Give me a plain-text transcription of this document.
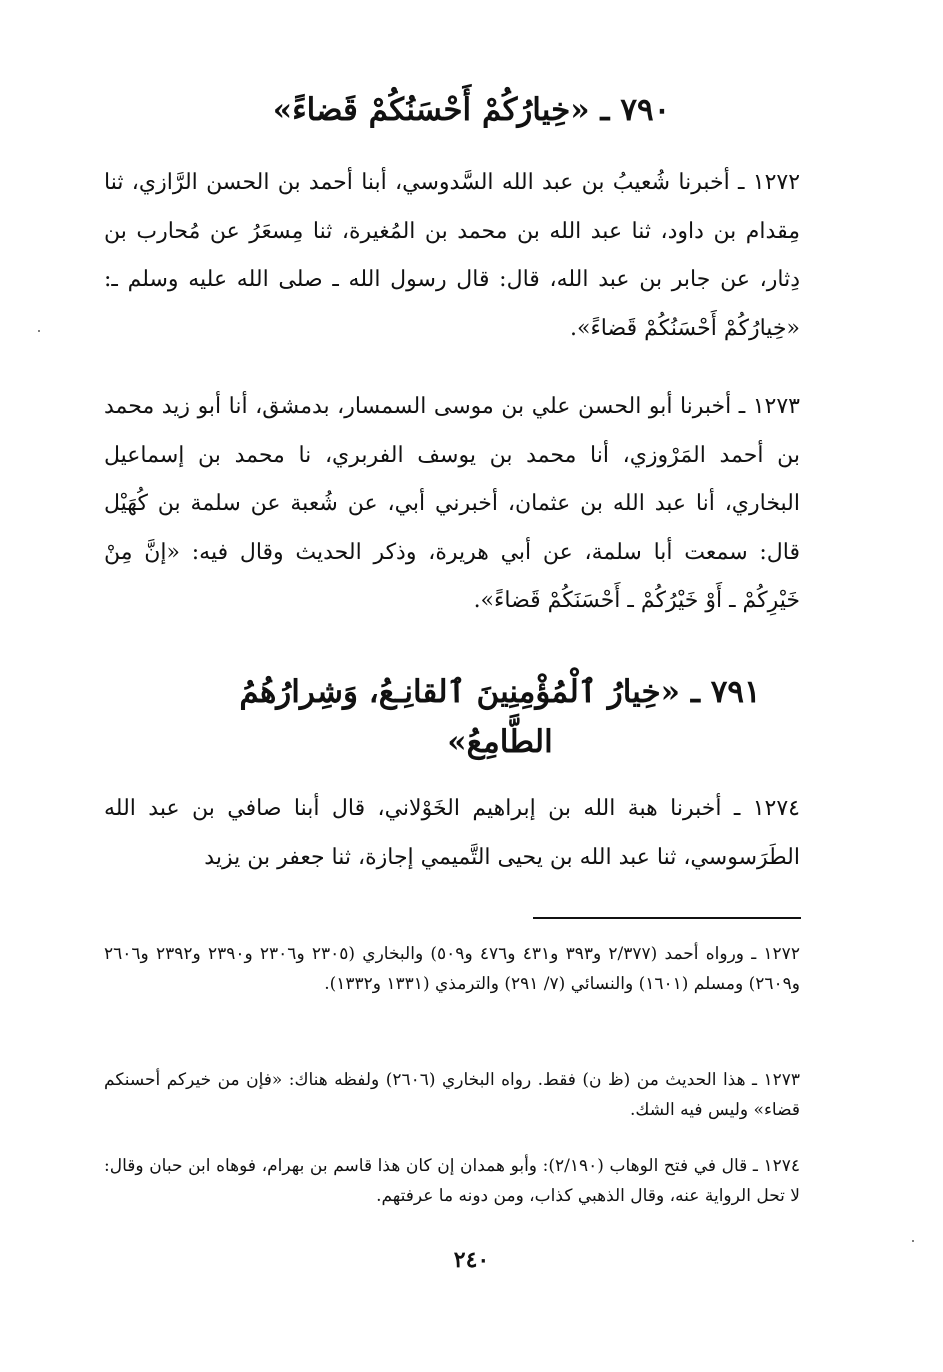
٧٩٠ ـ «خِيارُكُمْ أَحْسَنُكُمْ قَضاءً»
١٢٧٢ ـ أخبرنا شُعيبُ بن عبد الله السَّدوسي، أبنا أحمد بن الحسن الرَّازي، ثنا مِقدام بن داود، ثنا عبد الله بن محمد بن المُغيرة، ثنا مِسعَرُ عن مُحارب بن دِثار، عن جابر بن عبد الله، قال: قال رسول الله ـ صلى الله عليه وسلم ـ: «خِيارُكُمْ أَحْسَنُكُمْ قَضاءً».
١٢٧٣ ـ أخبرنا أبو الحسن علي بن موسى السمسار، بدمشق، أنا أبو زيد محمد بن أحمد المَرْوزي، أنا محمد بن يوسف الفربري، نا محمد بن إسماعيل البخاري، أنا عبد الله بن عثمان، أخبرني أبي، عن شُعبة عن سلمة بن كُهَيْل قال: سمعت أبا سلمة، عن أبي هريرة، وذكر الحديث وقال فيه: «إنَّ مِنْ خَيْرِكُمْ ـ أَوْ خَيْرُكُمْ ـ أَحْسَنَكُمْ قَضاءً».
٧٩١ ـ «خِيارُ ٱلْمُؤْمِنِينَ ٱلقانِـعُ، وَشِرارُهُمُ
الطَّامِعُ»
١٢٧٤ ـ أخبرنا هبة الله بن إبراهيم الخَوْلاني، قال أبنا صافي بن عبد الله الطَرَسوسي، ثنا عبد الله بن يحيى التَّميمي إجازة، ثنا جعفر بن يزيد
١٢٧٢ ـ ورواه أحمد (٢/٣٧٧ و٣٩٣ و٤٣١ و٤٧٦ و٥٠٩) والبخاري (٢٣٠٥ و٢٣٠٦ و٢٣٩٠ و٢٣٩٢ و٢٦٠٦ و٢٦٠٩) ومسلم (١٦٠١) والنسائي (٧/ ٢٩١) والترمذي (١٣٣١ و١٣٣٢).
١٢٧٣ ـ هذا الحديث من (ظ ن) فقط. رواه البخاري (٢٦٠٦) ولفظه هناك: «فإن من خيركم أحسنكم قضاء» وليس فيه الشك.
١٢٧٤ ـ قال في فتح الوهاب (٢/١٩٠): وأبو همدان إن كان هذا قاسم بن بهرام، فوهاه ابن حبان وقال: لا تحل الرواية عنه، وقال الذهبي كذاب، ومن دونه ما عرفتهم.
٢٤٠
